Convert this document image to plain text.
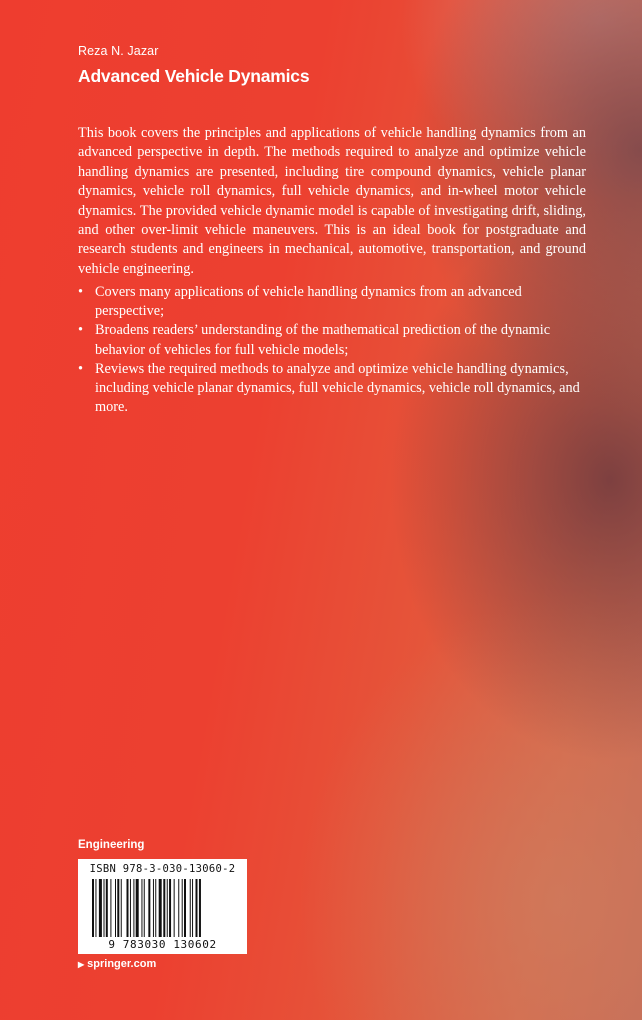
Reza N. Jazar
Advanced Vehicle Dynamics

This book covers the principles and applications of vehicle handling dynamics from an advanced perspective in depth. The methods required to analyze and optimize vehicle handling dynamics are presented, including tire compound dynamics, vehicle planar dynamics, vehicle roll dynamics, full vehicle dynamics, and in-wheel motor vehicle dynamics. The provided vehicle dynamic model is capable of investigating drift, sliding, and other over-limit vehicle maneuvers. This is an ideal book for postgraduate and research students and engineers in mechanical, automotive, transportation, and ground vehicle engineering.

• Covers many applications of vehicle handling dynamics from an advanced perspective;
• Broadens readers’ understanding of the mathematical prediction of the dynamic behavior of vehicles for full vehicle models;
• Reviews the required methods to analyze and optimize vehicle handling dynamics, including vehicle planar dynamics, full vehicle dynamics, vehicle roll dynamics, and more.
Engineering
ISBN 978-3-030-13060-2
9 783030 130602
▶ springer.com
